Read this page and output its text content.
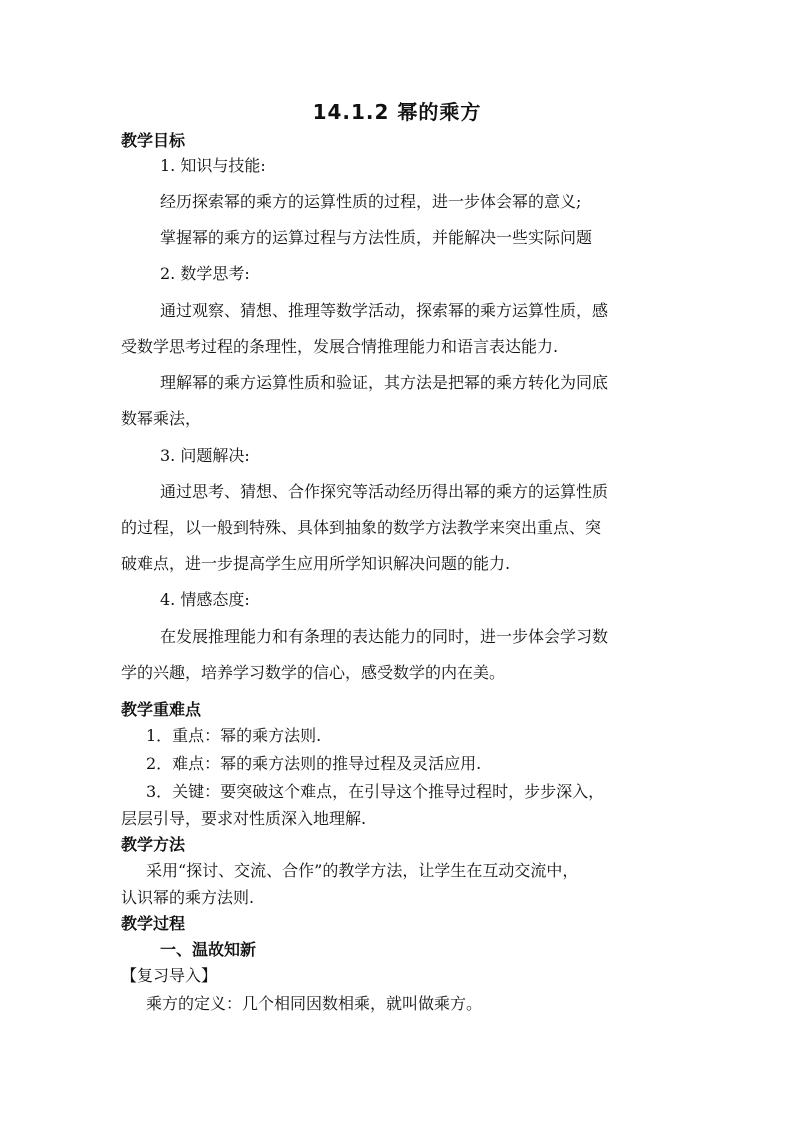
14.1.2 幂的乘方
教学目标
1. 知识与技能:
经历探索幂的乘方的运算性质的过程，进一步体会幂的意义;
掌握幂的乘方的运算过程与方法性质，并能解决一些实际问题
2. 数学思考:
通过观察、猜想、推理等数学活动，探索幂的乘方运算性质，感
受数学思考过程的条理性，发展合情推理能力和语言表达能力.
理解幂的乘方运算性质和验证，其方法是把幂的乘方转化为同底
数幂乘法，
3. 问题解决:
通过思考、猜想、合作探究等活动经历得出幂的乘方的运算性质
的过程，以一般到特殊、具体到抽象的数学方法教学来突出重点、突
破难点，进一步提高学生应用所学知识解决问题的能力.
4. 情感态度:
在发展推理能力和有条理的表达能力的同时，进一步体会学习数
学的兴趣，培养学习数学的信心，感受数学的内在美。
教学重难点
1．重点：幂的乘方法则.
2．难点：幂的乘方法则的推导过程及灵活应用.
3．关键：要突破这个难点，在引导这个推导过程时，步步深入，
层层引导，要求对性质深入地理解.
教学方法
采用“探讨、交流、合作”的教学方法，让学生在互动交流中，
认识幂的乘方法则.
教学过程
一、温故知新
【复习导入】
乘方的定义：几个相同因数相乘，就叫做乘方。
